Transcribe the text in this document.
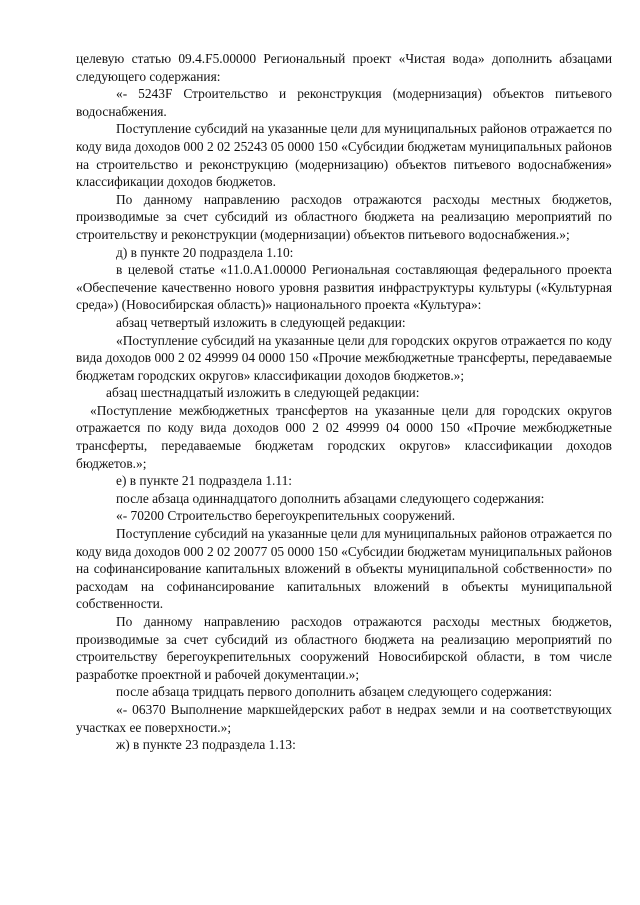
целевую статью 09.4.F5.00000 Региональный проект «Чистая вода» дополнить абзацами следующего содержания:

«- 5243F Строительство и реконструкция (модернизация) объектов питьевого водоснабжения.

Поступление субсидий на указанные цели для муниципальных районов отражается по коду вида доходов 000 2 02 25243 05 0000 150 «Субсидии бюджетам муниципальных районов на строительство и реконструкцию (модернизацию) объектов питьевого водоснабжения» классификации доходов бюджетов.

По данному направлению расходов отражаются расходы местных бюджетов, производимые за счет субсидий из областного бюджета на реализацию мероприятий по строительству и реконструкции (модернизации) объектов питьевого водоснабжения.»;

д) в пункте 20 подраздела 1.10:

в целевой статье «11.0.A1.00000 Региональная составляющая федерального проекта «Обеспечение качественно нового уровня развития инфраструктуры культуры («Культурная среда») (Новосибирская область)» национального проекта «Культура»:

абзац четвертый изложить в следующей редакции:

«Поступление субсидий на указанные цели для городских округов отражается по коду вида доходов 000 2 02 49999 04 0000 150 «Прочие межбюджетные трансферты, передаваемые бюджетам городских округов» классификации доходов бюджетов.»;

абзац шестнадцатый изложить в следующей редакции:

«Поступление межбюджетных трансфертов на указанные цели для городских округов отражается по коду вида доходов 000 2 02 49999 04 0000 150 «Прочие межбюджетные трансферты, передаваемые бюджетам городских округов» классификации доходов бюджетов.»;

е) в пункте 21 подраздела 1.11:

после абзаца одиннадцатого дополнить абзацами следующего содержания:

«- 70200 Строительство берегоукрепительных сооружений.

Поступление субсидий на указанные цели для муниципальных районов отражается по коду вида доходов 000 2 02 20077 05 0000 150 «Субсидии бюджетам муниципальных районов на софинансирование капитальных вложений в объекты муниципальной собственности» по расходам на софинансирование капитальных вложений в объекты муниципальной собственности.

По данному направлению расходов отражаются расходы местных бюджетов, производимые за счет субсидий из областного бюджета на реализацию мероприятий по строительству берегоукрепительных сооружений Новосибирской области, в том числе разработке проектной и рабочей документации.»;

после абзаца тридцать первого дополнить абзацем следующего содержания:

«- 06370 Выполнение маркшейдерских работ в недрах земли и на соответствующих участках ее поверхности.»;

ж) в пункте 23 подраздела 1.13:
